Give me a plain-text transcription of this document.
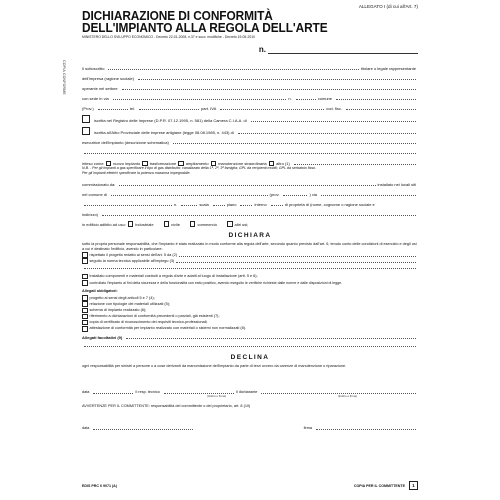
COPIA CONFORME
ALLEGATO I (di cui all'Art. 7)
DICHIARAZIONE DI CONFORMITÀ
DELL'IMPIANTO ALLA REGOLA DELL'ARTE
MINISTERO DELLO SVILUPPO ECONOMICO - Decreto 22-01-2008, n.37 e succ. modifiche - Decreto 19-05-2010
n.
Il sottoscritto	titolare o legale rappresentante
dell'impresa (ragione sociale)
operante nel settore
con sede in via	n.	comune
(Prov.)	tel.	part. IVA	cod. fisc.
iscritta nel Registro delle Imprese (D.P.R. 07.12.1995, n. 581) della Camera C.I.A.A. di
iscritta all'Albo Provinciale delle imprese artigiane (legge 08.08.1985, n. 443) di
esecutrice dell'impianto (descrizione schematica)
inteso come	nuovo impianto	trasformazione	ampliamento	manutenzione straordinaria	altro (1)
N.B. - Per gli impianti a gas specificare il tipo di gas distribuito: canalizzato della 1ª, 2ª, 3ª famiglia; GPL da recipienti mobili; GPL da serbatoio fisso.
Per gli impianti elettrici specificare la potenza massima impegnabile.
commissionato da:	installato nei locali siti
nel comune di	(prov.	) via
n.	scala	piano	interno	di proprietà di (nome, cognome o ragione sociale e
indirizzo)
in edificio adibito ad uso:	industriale	civile	commercio	altri usi;
DICHIARA
sotto la propria personale responsabilità, che l'impianto è stato realizzato in modo conforme alla regola dell'arte, secondo quanto previsto dall'art. 6, tenuto conto delle condizioni di esercizio e degli usi a cui è destinato l'edificio, avendo in particolare:
rispettato il progetto redatto ai sensi dell'art. 5 da (2)
seguito la norma tecnica applicabile all'impiego (3)
installato componenti e materiali costruiti a regola d'arte e adatti al luogo di installazione (artt. 5 e 6);
controllato l'impianto ai fini della sicurezza e della funzionalità con esito positivo, avendo eseguito le verifiche richieste dalle norme e dalle disposizioni di legge.
Allegati obbligatori:
progetto ai sensi degli articoli 5 e 7 (4);
relazione con tipologie dei materiali utilizzati (5);
schema di impianto realizzato (6);
riferimento a dichiarazioni di conformità precedenti o parziali, già esistenti (7);
copia di certificato di riconoscimento dei requisiti tecnico-professionali;
attestazione di conformità per impianto realizzato con materiali o sistemi non normalizzati (8).
Allegati facoltativi (9)
DECLINA
ogni responsabilità per sinistri a persone o a cose derivanti da manomissione dell'impianto da parte di terzi ovvero da carenze di manutenzione o riparazione.
data	Il resp. tecnico	Il dichiarante
(timbro e firma)	(timbro e firma)
AVVERTENZE PER IL COMMITTENTE: responsabilità del committente o del proprietario, art. 8 (10)
data	firma
EDIS PRC 6 9071 (A)	COPIA PER IL COMMITTENTE	1
